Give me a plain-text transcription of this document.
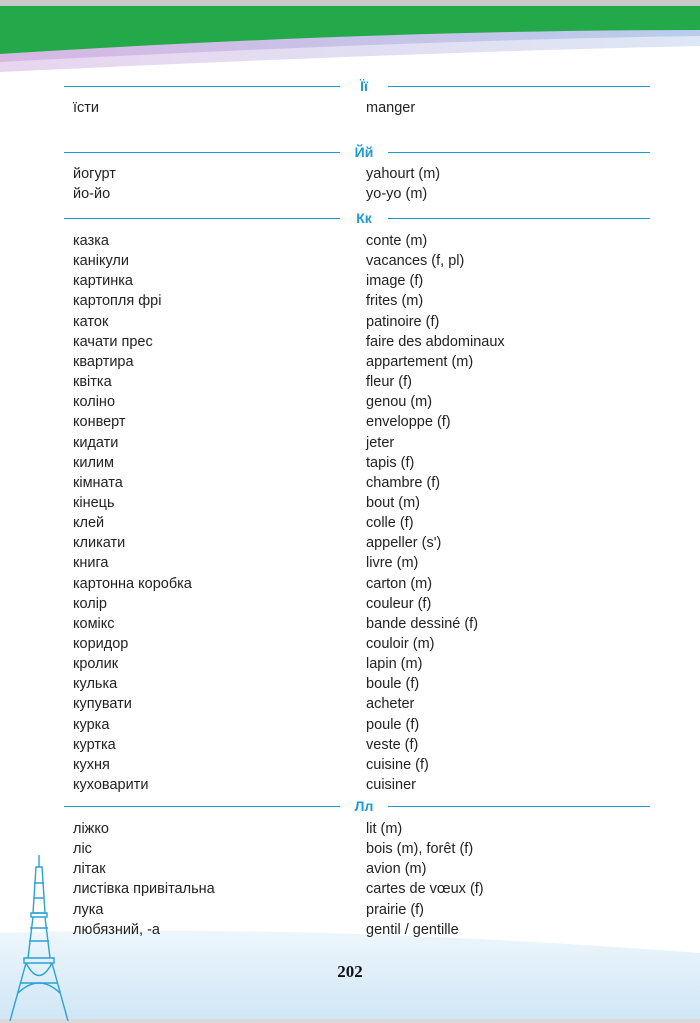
Її
їсти	manger
Йй
йогурт	yahourt (m)
йо-йо	yo-yo (m)
Кк
казка	conte (m)
канікули	vacances (f, pl)
картинка	image (f)
картопля фрі	frites (m)
каток	patinoire (f)
качати прес	faire des abdominaux
квартира	appartement (m)
квітка	fleur (f)
коліно	genou (m)
конверт	enveloppe (f)
кидати	jeter
килим	tapis (f)
кімната	chambre (f)
кінець	bout (m)
клей	colle (f)
кликати	appeller (s')
книга	livre (m)
картонна коробка	carton (m)
колір	couleur (f)
комікс	bande dessiné (f)
коридор	couloir (m)
кролик	lapin (m)
кулька	boule (f)
купувати	acheter
курка	poule (f)
куртка	veste (f)
кухня	cuisine (f)
куховарити	cuisiner
Лл
ліжко	lit (m)
ліс	bois (m), forêt (f)
літак	avion (m)
листівка привітальна	cartes de vœux (f)
лука	prairie (f)
любязний, -а	gentil / gentille
202
